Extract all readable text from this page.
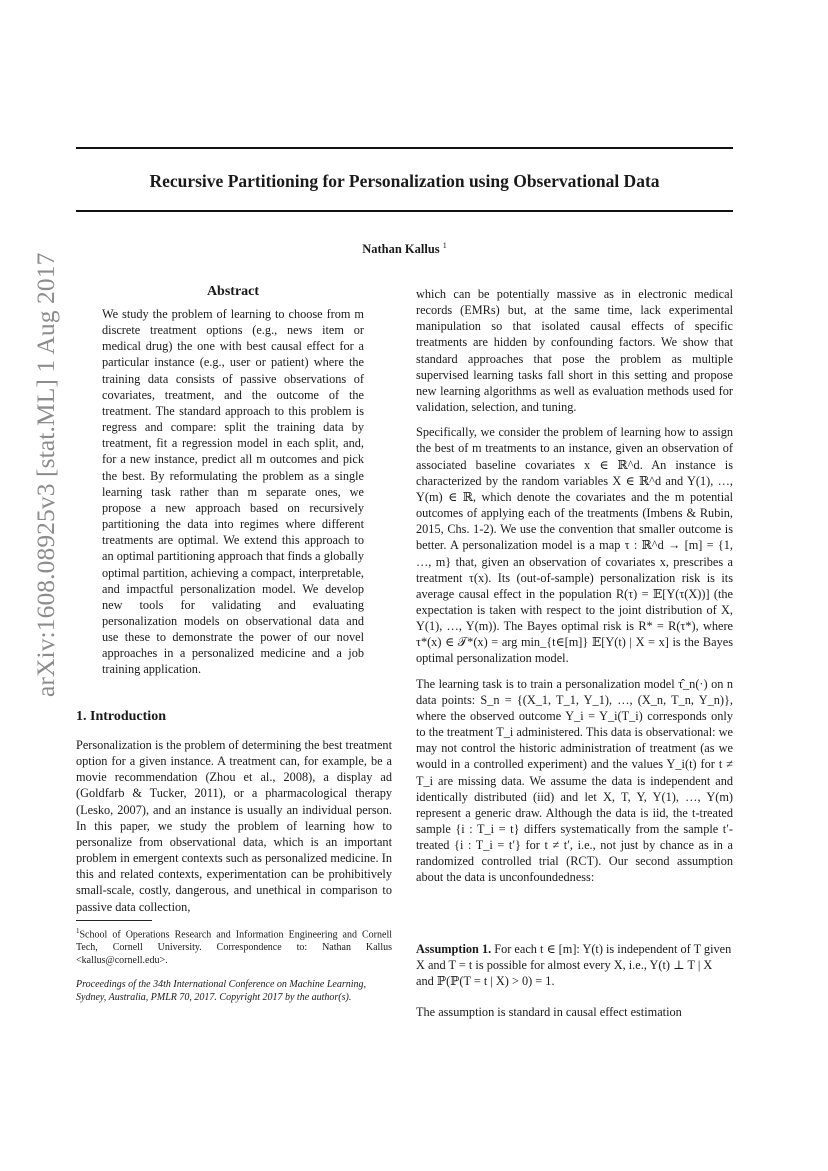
Recursive Partitioning for Personalization using Observational Data
Nathan Kallus $^1$
arXiv:1608.08925v3 [stat.ML] 1 Aug 2017	Abstract

We study the problem of learning to choose from m discrete treatment options (e.g., news item or medical drug) the one with best causal effect for a particular instance (e.g., user or patient) where the training data consists of passive observations of covariates, treatment, and the outcome of the treatment. The standard approach to this problem is regress and compare: split the training data by treatment, fit a regression model in each split, and, for a new instance, predict all m outcomes and pick the best. By reformulating the problem as a single learning task rather than m separate ones, we propose a new approach based on recursively partitioning the data into regimes where different treatments are optimal. We extend this approach to an optimal partitioning approach that finds a globally optimal partition, achieving a compact, interpretable, and impactful personalization model. We develop new tools for validating and evaluating personalization models on observational data and use these to demonstrate the power of our novel approaches in a personalized medicine and a job training application.

1. Introduction

Personalization is the problem of determining the best treatment option for a given instance. A treatment can, for example, be a movie recommendation (Zhou et al., 2008), a display ad (Goldfarb & Tucker, 2011), or a pharmacological therapy (Lesko, 2007), and an instance is usually an individual person. In this paper, we study the problem of learning how to personalize from observational data, which is an important problem in emergent contexts such as personalized medicine. In this and related contexts, experimentation can be prohibitively small-scale, costly, dangerous, and unethical in comparison to passive data collection,

$^1$School of Operations Research and Information Engineering and Cornell Tech, Cornell University. Correspondence to: Nathan Kallus <kallus@cornell.edu>.
Proceedings of the 34th International Conference on Machine Learning, Sydney, Australia, PMLR 70, 2017. Copyright 2017 by the author(s).

which can be potentially massive as in electronic medical records (EMRs) but, at the same time, lack experimental manipulation so that isolated causal effects of specific treatments are hidden by confounding factors. We show that standard approaches that pose the problem as multiple supervised learning tasks fall short in this setting and propose new learning algorithms as well as evaluation methods used for validation, selection, and tuning.

Specifically, we consider the problem of learning how to assign the best of m treatments to an instance, given an observation of associated baseline covariates x ∈ ℝ^d. An instance is characterized by the random variables X ∈ ℝ^d and Y(1), …, Y(m) ∈ ℝ, which denote the covariates and the m potential outcomes of applying each of the treatments (Imbens & Rubin, 2015, Chs. 1-2). We use the convention that smaller outcome is better. A personalization model is a map τ : ℝ^d → [m] = {1, …, m} that, given an observation of covariates x, prescribes a treatment τ(x). Its (out-of-sample) personalization risk is its average causal effect in the population R(τ) = 𝔼[Y(τ(X))] (the expectation is taken with respect to the joint distribution of X, Y(1), …, Y(m)). The Bayes optimal risk is R* = R(τ*), where τ*(x) ∈ 𝒯*(x) = arg min_{t∈[m]} 𝔼[Y(t) | X = x] is the Bayes optimal personalization model.

The learning task is to train a personalization model τ̂_n(·) on n data points: S_n = {(X_1, T_1, Y_1), …, (X_n, T_n, Y_n)}, where the observed outcome Y_i = Y_i(T_i) corresponds only to the treatment T_i administered. This data is observational: we may not control the historic administration of treatment (as we would in a controlled experiment) and the values Y_i(t) for t ≠ T_i are missing data. We assume the data is independent and identically distributed (iid) and let X, T, Y, Y(1), …, Y(m) represent a generic draw. Although the data is iid, the t-treated sample {i : T_i = t} differs systematically from the sample t′-treated {i : T_i = t′} for t ≠ t′, i.e., not just by chance as in a randomized controlled trial (RCT). Our second assumption about the data is unconfoundedness:

Assumption 1. For each t ∈ [m]: Y(t) is independent of T given X and T = t is possible for almost every X, i.e., Y(t) ⊥ T | X and ℙ(ℙ(T = t | X) > 0) = 1.
The assumption is standard in causal effect estimation
